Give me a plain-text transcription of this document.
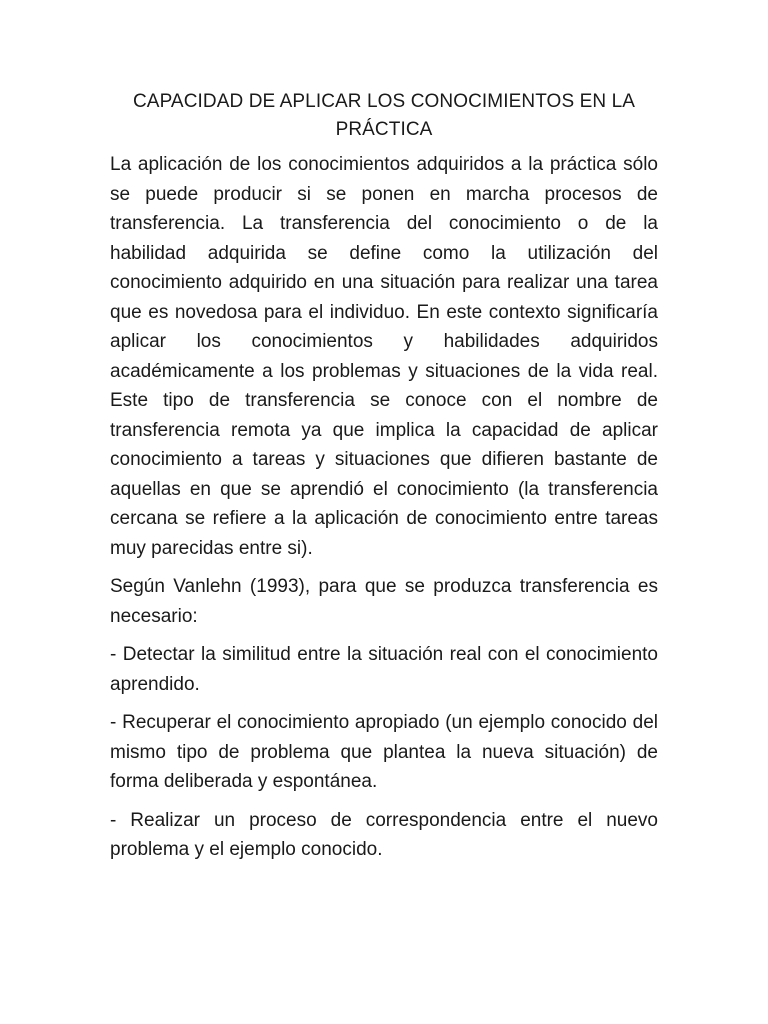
CAPACIDAD DE APLICAR LOS CONOCIMIENTOS EN LA
PRÁCTICA

La aplicación de los conocimientos adquiridos a la práctica sólo se puede producir si se ponen en marcha procesos de transferencia. La transferencia del conocimiento o de la habilidad adquirida se define como la utilización del conocimiento adquirido en una situación para realizar una tarea que es novedosa para el individuo. En este contexto significaría aplicar los conocimientos y habilidades adquiridos académicamente a los problemas y situaciones de la vida real. Este tipo de transferencia se conoce con el nombre de transferencia remota ya que implica la capacidad de aplicar conocimiento a tareas y situaciones que difieren bastante de aquellas en que se aprendió el conocimiento (la transferencia cercana se refiere a la aplicación de conocimiento entre tareas muy parecidas entre si).

Según Vanlehn (1993), para que se produzca transferencia es necesario:

- Detectar la similitud entre la situación real con el conocimiento aprendido.

- Recuperar el conocimiento apropiado (un ejemplo conocido del mismo tipo de problema que plantea la nueva situación) de forma deliberada y espontánea.

- Realizar un proceso de correspondencia entre el nuevo problema y el ejemplo conocido.
